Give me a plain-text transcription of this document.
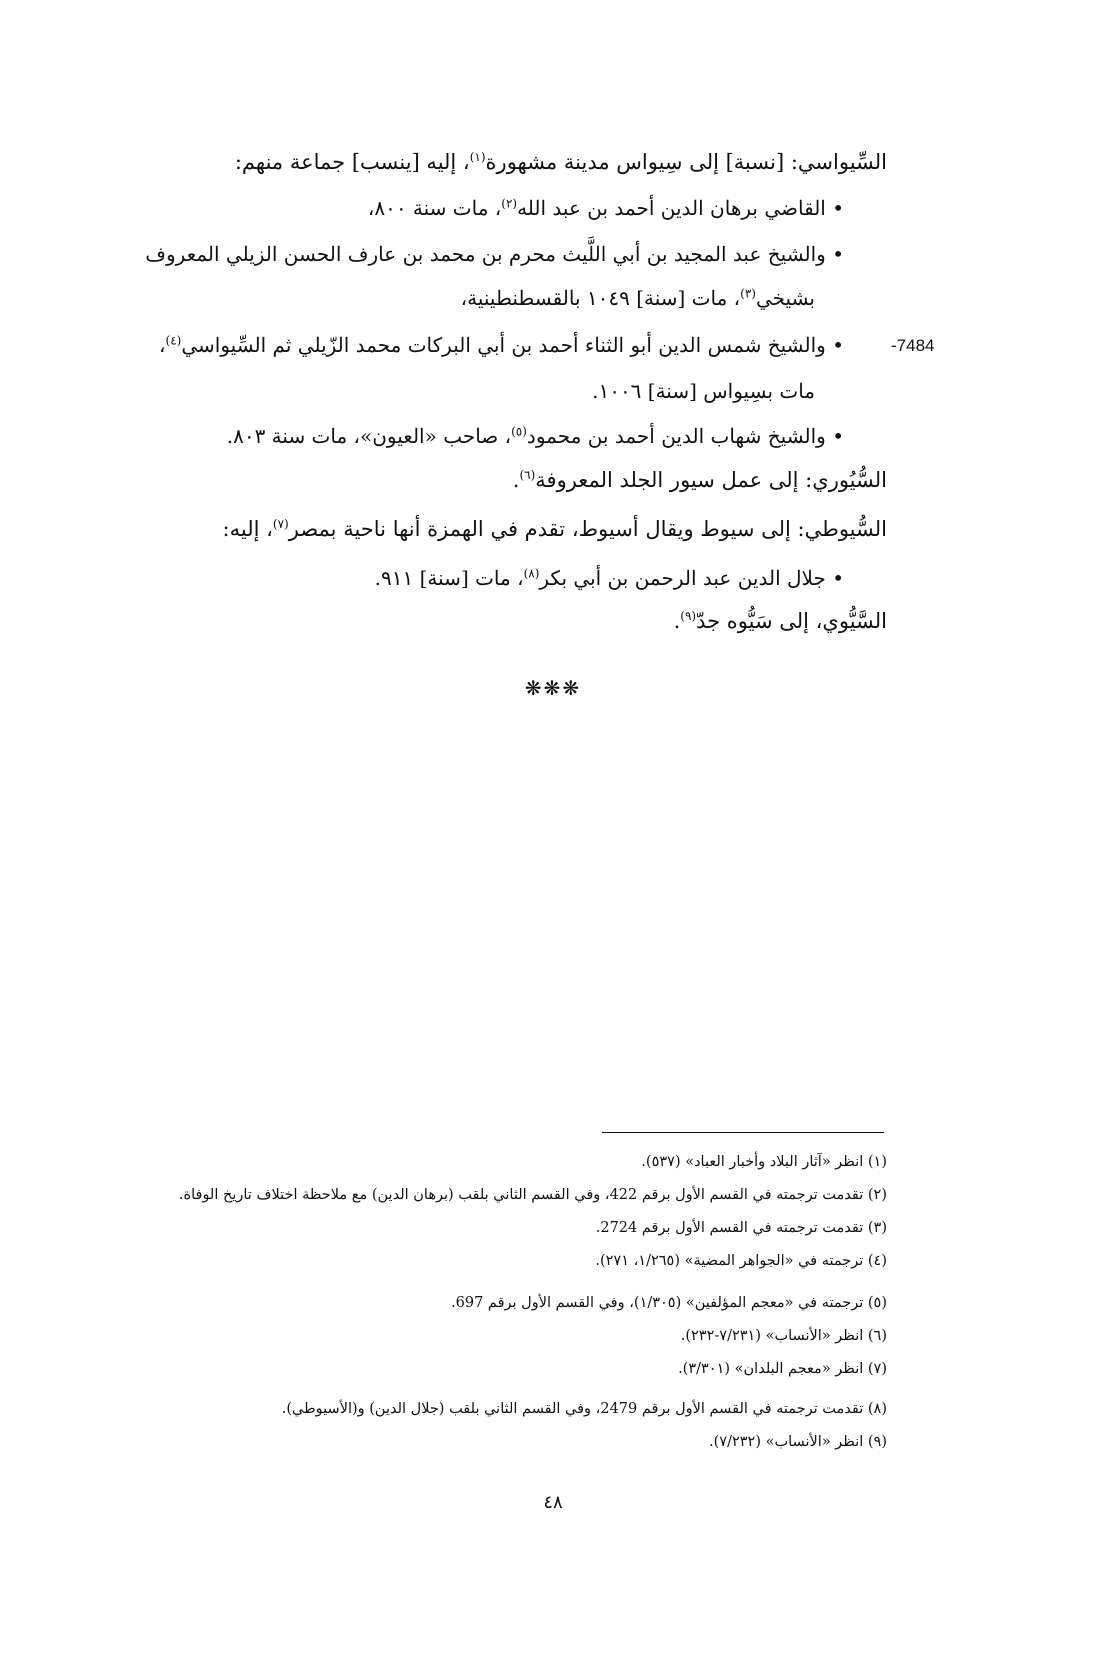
السِّيواسي: [نسبة] إلى سِيواس مدينة مشهورة$^{(١)}$، إليه [ينسب] جماعة منهم:
• القاضي برهان الدين أحمد بن عبد الله$^{(٢)}$، مات سنة ٨٠٠،
• والشيخ عبد المجيد بن أبي اللَّيث محرم بن محمد بن عارف الحسن الزيلي المعروف
بشيخي$^{(٣)}$، مات [سنة] ١٠٤٩ بالقسطنطينية،
-7484
• والشيخ شمس الدين أبو الثناء أحمد بن أبي البركات محمد الزّيلي ثم السِّيواسي$^{(٤)}$،
مات بسِيواس [سنة] ١٠٠٦.
• والشيخ شهاب الدين أحمد بن محمود$^{(٥)}$، صاحب «العيون»، مات سنة ٨٠٣.
السُّيُوري: إلى عمل سيور الجلد المعروفة$^{(٦)}$.
السُّيوطي: إلى سيوط ويقال أسيوط، تقدم في الهمزة أنها ناحية بمصر$^{(٧)}$، إليه:
• جلال الدين عبد الرحمن بن أبي بكر$^{(٨)}$، مات [سنة] ٩١١.
السَّيُّوي، إلى سَيُّوه جدّ$^{(٩)}$.
❋❋❋
(١) انظر «آثار البلاد وأخبار العباد» (٥٣٧).
(٢) تقدمت ترجمته في القسم الأول برقم 422، وفي القسم الثاني بلقب (برهان الدين) مع ملاحظة اختلاف تاريخ الوفاة.
(٣) تقدمت ترجمته في القسم الأول برقم 2724.
(٤) ترجمته في «الجواهر المضية» (١/٢٦٥، ٢٧١).
(٥) ترجمته في «معجم المؤلفين» (١/٣٠٥)، وفي القسم الأول برقم 697.
(٦) انظر «الأنساب» (٧/٢٣١-٢٣٢).
(٧) انظر «معجم البلدان» (٣/٣٠١).
(٨) تقدمت ترجمته في القسم الأول برقم 2479، وفي القسم الثاني بلقب (جلال الدين) و(الأسيوطي).
(٩) انظر «الأنساب» (٧/٢٣٢).
٤٨
